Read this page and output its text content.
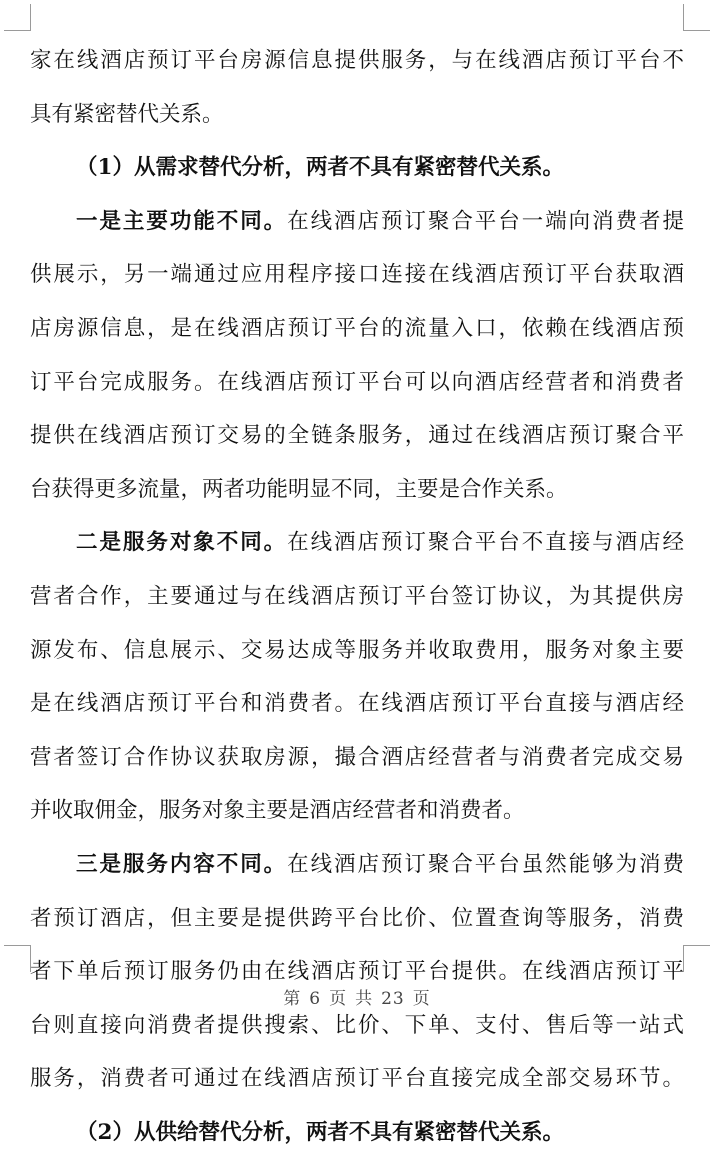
家在线酒店预订平台房源信息提供服务，与在线酒店预订平台不
具有紧密替代关系。
（1）从需求替代分析，两者不具有紧密替代关系。
一是主要功能不同。在线酒店预订聚合平台一端向消费者提
供展示，另一端通过应用程序接口连接在线酒店预订平台获取酒
店房源信息，是在线酒店预订平台的流量入口，依赖在线酒店预
订平台完成服务。在线酒店预订平台可以向酒店经营者和消费者
提供在线酒店预订交易的全链条服务，通过在线酒店预订聚合平
台获得更多流量，两者功能明显不同，主要是合作关系。
二是服务对象不同。在线酒店预订聚合平台不直接与酒店经
营者合作，主要通过与在线酒店预订平台签订协议，为其提供房
源发布、信息展示、交易达成等服务并收取费用，服务对象主要
是在线酒店预订平台和消费者。在线酒店预订平台直接与酒店经
营者签订合作协议获取房源，撮合酒店经营者与消费者完成交易
并收取佣金，服务对象主要是酒店经营者和消费者。
三是服务内容不同。在线酒店预订聚合平台虽然能够为消费
者预订酒店，但主要是提供跨平台比价、位置查询等服务，消费
者下单后预订服务仍由在线酒店预订平台提供。在线酒店预订平
台则直接向消费者提供搜索、比价、下单、支付、售后等一站式
服务，消费者可通过在线酒店预订平台直接完成全部交易环节。
（2）从供给替代分析，两者不具有紧密替代关系。
第 6 页 共 23 页
